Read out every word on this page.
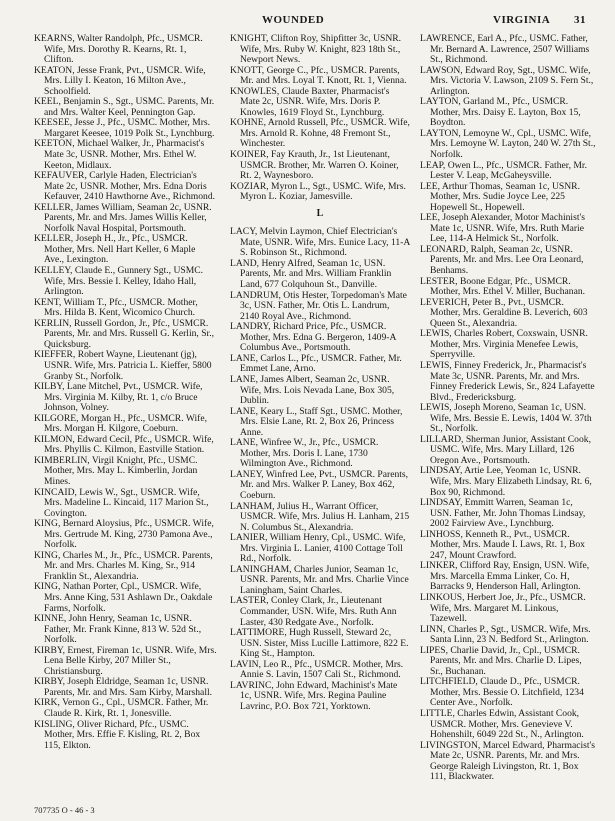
WOUNDED	VIRGINIA 31

KEARNS, Walter Randolph, Pfc., USMCR. Wife, Mrs. Dorothy R. Kearns, Rt. 1, Clifton.

KEATON, Jesse Frank, Pvt., USMCR. Wife, Mrs. Lilly I. Keaton, 16 Milton Ave., Schoolfield.

KEEL, Benjamin S., Sgt., USMC. Parents, Mr. and Mrs. Walter Keel, Pennington Gap.

KEESEE, Jesse J., Pfc., USMC. Mother, Mrs. Margaret Keesee, 1019 Polk St., Lynchburg.

KEETON, Michael Walker, Jr., Pharmacist's Mate 3c, USNR. Mother, Mrs. Ethel W. Keeton, Midlaux.

KEFAUVER, Carlyle Haden, Electrician's Mate 2c, USNR. Mother, Mrs. Edna Doris Kefauver, 2410 Hawthorne Ave., Richmond.

KELLER, James William, Seaman 2c, USNR. Parents, Mr. and Mrs. James Willis Keller, Norfolk Naval Hospital, Portsmouth.

KELLER, Joseph H., Jr., Pfc., USMCR. Mother, Mrs. Nell Hart Keller, 6 Maple Ave., Lexington.

KELLEY, Claude E., Gunnery Sgt., USMC. Wife, Mrs. Bessie I. Kelley, Idaho Hall, Arlington.

KENT, William T., Pfc., USMCR. Mother, Mrs. Hilda B. Kent, Wicomico Church.

KERLIN, Russell Gordon, Jr., Pfc., USMCR. Parents, Mr. and Mrs. Russell G. Kerlin, Sr., Quicksburg.

KIEFFER, Robert Wayne, Lieutenant (jg), USNR. Wife, Mrs. Patricia L. Kieffer, 5800 Granby St., Norfolk.

KILBY, Lane Mitchel, Pvt., USMCR. Wife, Mrs. Virginia M. Kilby, Rt. 1, c/o Bruce Johnson, Volney.

KILGORE, Morgan H., Pfc., USMCR. Wife, Mrs. Morgan H. Kilgore, Coeburn.

KILMON, Edward Cecil, Pfc., USMCR. Wife, Mrs. Phyllis C. Kilmon, Eastville Station.

KIMBERLIN, Virgil Knight, Pfc., USMC. Mother, Mrs. May L. Kimberlin, Jordan Mines.

KINCAID, Lewis W., Sgt., USMCR. Wife, Mrs. Madeline L. Kincaid, 117 Marion St., Covington.

KING, Bernard Aloysius, Pfc., USMCR. Wife, Mrs. Gertrude M. King, 2730 Pamona Ave., Norfolk.

KING, Charles M., Jr., Pfc., USMCR. Parents, Mr. and Mrs. Charles M. King, Sr., 914 Franklin St., Alexandria.

KING, Nathan Porter, Cpl., USMCR. Wife, Mrs. Anne King, 531 Ashlawn Dr., Oakdale Farms, Norfolk.

KINNE, John Henry, Seaman 1c, USNR. Father, Mr. Frank Kinne, 813 W. 52d St., Norfolk.

KIRBY, Ernest, Fireman 1c, USNR. Wife, Mrs. Lena Belle Kirby, 207 Miller St., Christiansburg.

KIRBY, Joseph Eldridge, Seaman 1c, USNR. Parents, Mr. and Mrs. Sam Kirby, Marshall.

KIRK, Vernon G., Cpl., USMCR. Father, Mr. Claude R. Kirk, Rt. 1, Jonesville.

KISLING, Oliver Richard, Pfc., USMC. Mother, Mrs. Effie F. Kisling, Rt. 2, Box 115, Elkton.

KNIGHT, Clifton Roy, Shipfitter 3c, USNR. Wife, Mrs. Ruby W. Knight, 823 18th St., Newport News.

KNOTT, George C., Pfc., USMCR. Parents, Mr. and Mrs. Loyal T. Knott, Rt. 1, Vienna.

KNOWLES, Claude Baxter, Pharmacist's Mate 2c, USNR. Wife, Mrs. Doris P. Knowles, 1619 Floyd St., Lynchburg.

KOHNE, Arnold Russell, Pfc., USMCR. Wife, Mrs. Arnold R. Kohne, 48 Fremont St., Winchester.

KOINER, Fay Krauth, Jr., 1st Lieutenant, USMCR. Brother, Mr. Warren O. Koiner, Rt. 2, Waynesboro.

KOZIAR, Myron L., Sgt., USMC. Wife, Mrs. Myron L. Koziar, Jamesville.

L

LACY, Melvin Laymon, Chief Electrician's Mate, USNR. Wife, Mrs. Eunice Lacy, 11-A S. Robinson St., Richmond.

LAND, Henry Alfred, Seaman 1c, USN. Parents, Mr. and Mrs. William Franklin Land, 677 Colquhoun St., Danville.

LANDRUM, Otis Hester, Torpedoman's Mate 3c, USN. Father, Mr. Otis L. Landrum, 2140 Royal Ave., Richmond.

LANDRY, Richard Price, Pfc., USMCR. Mother, Mrs. Edna G. Bergeron, 1409-A Columbus Ave., Portsmouth.

LANE, Carlos L., Pfc., USMCR. Father, Mr. Emmet Lane, Arno.

LANE, James Albert, Seaman 2c, USNR. Wife, Mrs. Lois Nevada Lane, Box 305, Dublin.

LANE, Keary L., Staff Sgt., USMC. Mother, Mrs. Elsie Lane, Rt. 2, Box 26, Princess Anne.

LANE, Winfree W., Jr., Pfc., USMCR. Mother, Mrs. Doris I. Lane, 1730 Wilmington Ave., Richmond.

LANEY, Winfred Lee, Pvt., USMCR. Parents, Mr. and Mrs. Walker P. Laney, Box 462, Coeburn.

LANHAM, Julius H., Warrant Officer, USMCR. Wife, Mrs. Julius H. Lanham, 215 N. Columbus St., Alexandria.

LANIER, William Henry, Cpl., USMC. Wife, Mrs. Virginia L. Lanier, 4100 Cottage Toll Rd., Norfolk.

LANINGHAM, Charles Junior, Seaman 1c, USNR. Parents, Mr. and Mrs. Charlie Vince Laningham, Saint Charles.

LASTER, Conley Clark, Jr., Lieutenant Commander, USN. Wife, Mrs. Ruth Ann Laster, 430 Redgate Ave., Norfolk.

LATTIMORE, Hugh Russell, Steward 2c, USN. Sister, Miss Lucille Lattimore, 822 E. King St., Hampton.

LAVIN, Leo R., Pfc., USMCR. Mother, Mrs. Annie S. Lavin, 1507 Cali St., Richmond.

LAVRINC, John Edward, Machinist's Mate 1c, USNR. Wife, Mrs. Regina Pauline Lavrinc, P.O. Box 721, Yorktown.

LAWRENCE, Earl A., Pfc., USMC. Father, Mr. Bernard A. Lawrence, 2507 Williams St., Richmond.

LAWSON, Edward Roy, Sgt., USMC. Wife, Mrs. Victoria V. Lawson, 2109 S. Fern St., Arlington.

LAYTON, Garland M., Pfc., USMCR. Mother, Mrs. Daisy E. Layton, Box 15, Boydton.

LAYTON, Lemoyne W., Cpl., USMC. Wife, Mrs. Lemoyne W. Layton, 240 W. 27th St., Norfolk.

LEAP, Owen L., Pfc., USMCR. Father, Mr. Lester V. Leap, McGaheysville.

LEE, Arthur Thomas, Seaman 1c, USNR. Mother, Mrs. Sudie Joyce Lee, 225 Hopewell St., Hopewell.

LEE, Joseph Alexander, Motor Machinist's Mate 1c, USNR. Wife, Mrs. Ruth Marie Lee, 114-A Helmick St., Norfolk.

LEONARD, Ralph, Seaman 2c, USNR. Parents, Mr. and Mrs. Lee Ora Leonard, Benhams.

LESTER, Boone Edgar, Pfc., USMCR. Mother, Mrs. Ethel V. Miller, Buchanan.

LEVERICH, Peter B., Pvt., USMCR. Mother, Mrs. Geraldine B. Leverich, 603 Queen St., Alexandria.

LEWIS, Charles Robert, Coxswain, USNR. Mother, Mrs. Virginia Menefee Lewis, Sperryville.

LEWIS, Finney Frederick, Jr., Pharmacist's Mate 3c, USNR. Parents, Mr. and Mrs. Finney Frederick Lewis, Sr., 824 Lafayette Blvd., Fredericksburg.

LEWIS, Joseph Moreno, Seaman 1c, USN. Wife, Mrs. Bessie E. Lewis, 1404 W. 37th St., Norfolk.

LILLARD, Sherman Junior, Assistant Cook, USMC. Wife, Mrs. Mary Lillard, 126 Oregon Ave., Portsmouth.

LINDSAY, Artie Lee, Yeoman 1c, USNR. Wife, Mrs. Mary Elizabeth Lindsay, Rt. 6, Box 90, Richmond.

LINDSAY, Emmitt Warren, Seaman 1c, USN. Father, Mr. John Thomas Lindsay, 2002 Fairview Ave., Lynchburg.

LINHOSS, Kenneth R., Pvt., USMCR. Mother, Mrs. Maude I. Laws, Rt. 1, Box 247, Mount Crawford.

LINKER, Clifford Ray, Ensign, USN. Wife, Mrs. Marcella Emma Linker, Co. H, Barracks 9, Henderson Hall, Arlington.

LINKOUS, Herbert Joe, Jr., Pfc., USMCR. Wife, Mrs. Margaret M. Linkous, Tazewell.

LINN, Charles P., Sgt., USMCR. Wife, Mrs. Santa Linn, 23 N. Bedford St., Arlington.

LIPES, Charlie David, Jr., Cpl., USMCR. Parents, Mr. and Mrs. Charlie D. Lipes, Sr., Buchanan.

LITCHFIELD, Claude D., Pfc., USMCR. Mother, Mrs. Bessie O. Litchfield, 1234 Center Ave., Norfolk.

LITTLE, Charles Edwin, Assistant Cook, USMCR. Mother, Mrs. Genevieve V. Hohenshilt, 6049 22d St., N., Arlington.

LIVINGSTON, Marcel Edward, Pharmacist's Mate 2c, USNR. Parents, Mr. and Mrs. George Raleigh Livingston, Rt. 1, Box 111, Blackwater.

707735 O - 46 - 3
